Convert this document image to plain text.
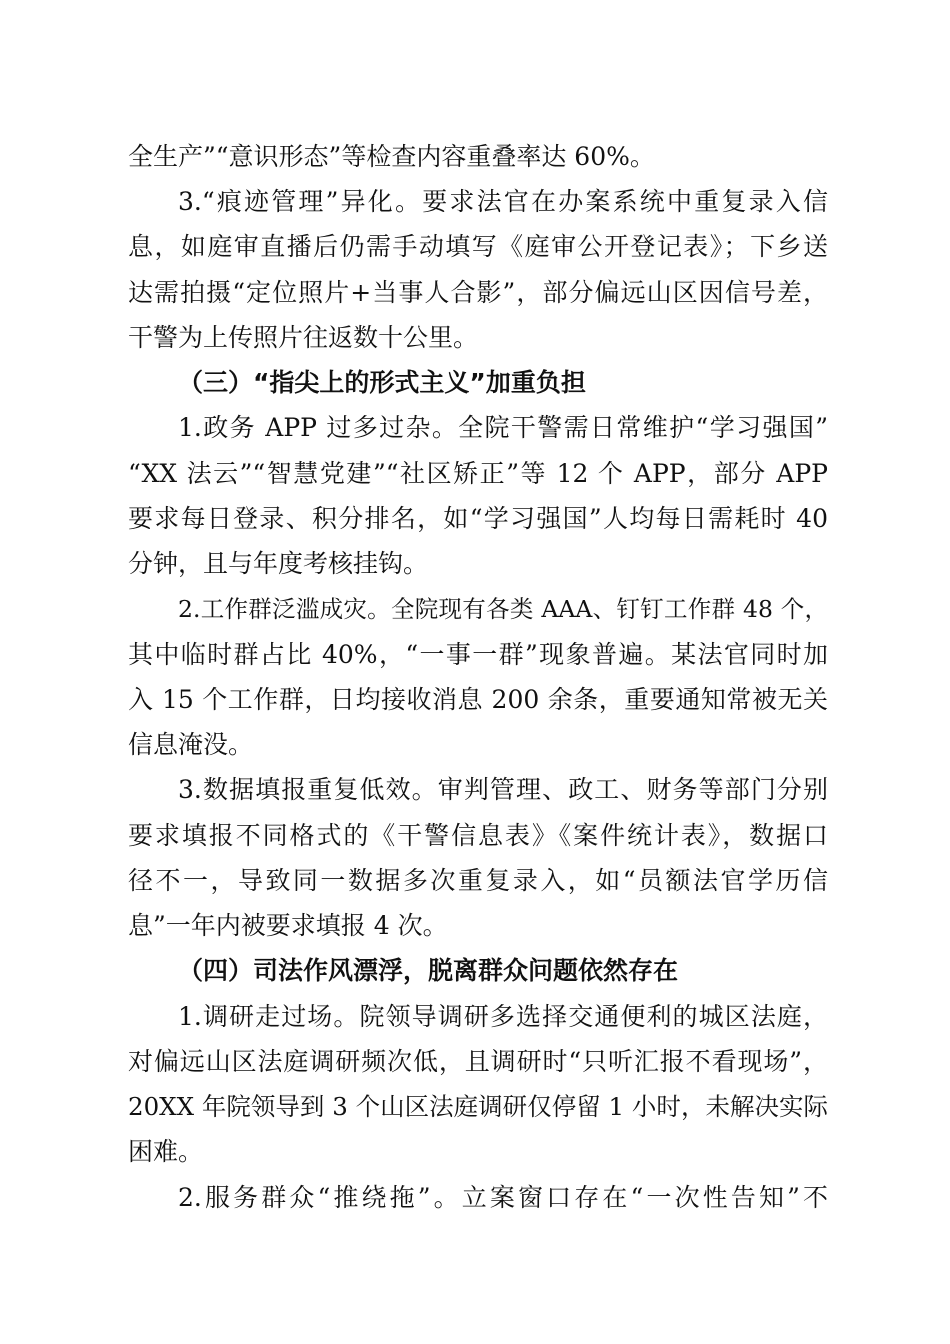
全生产”“意识形态”等检查内容重叠率达 60%。
3.“痕迹管理”异化。要求法官在办案系统中重复录入信
息，如庭审直播后仍需手动填写《庭审公开登记表》；下乡送
达需拍摄“定位照片+当事人合影”，部分偏远山区因信号差，
干警为上传照片往返数十公里。
（三）“指尖上的形式主义”加重负担
1.政务 APP 过多过杂。全院干警需日常维护“学习强国”
“XX 法云”“智慧党建”“社区矫正”等 12 个 APP，部分 APP
要求每日登录、积分排名，如“学习强国”人均每日需耗时 40
分钟，且与年度考核挂钩。
2.工作群泛滥成灾。全院现有各类 AAA、钉钉工作群 48 个，
其中临时群占比 40%，“一事一群”现象普遍。某法官同时加
入 15 个工作群，日均接收消息 200 余条，重要通知常被无关
信息淹没。
3.数据填报重复低效。审判管理、政工、财务等部门分别
要求填报不同格式的《干警信息表》《案件统计表》，数据口
径不一，导致同一数据多次重复录入，如“员额法官学历信
息”一年内被要求填报 4 次。
（四）司法作风漂浮，脱离群众问题依然存在
1.调研走过场。院领导调研多选择交通便利的城区法庭，
对偏远山区法庭调研频次低，且调研时“只听汇报不看现场”，
20XX 年院领导到 3 个山区法庭调研仅停留 1 小时，未解决实际
困难。
2.服务群众“推绕拖”。立案窗口存在“一次性告知”不
